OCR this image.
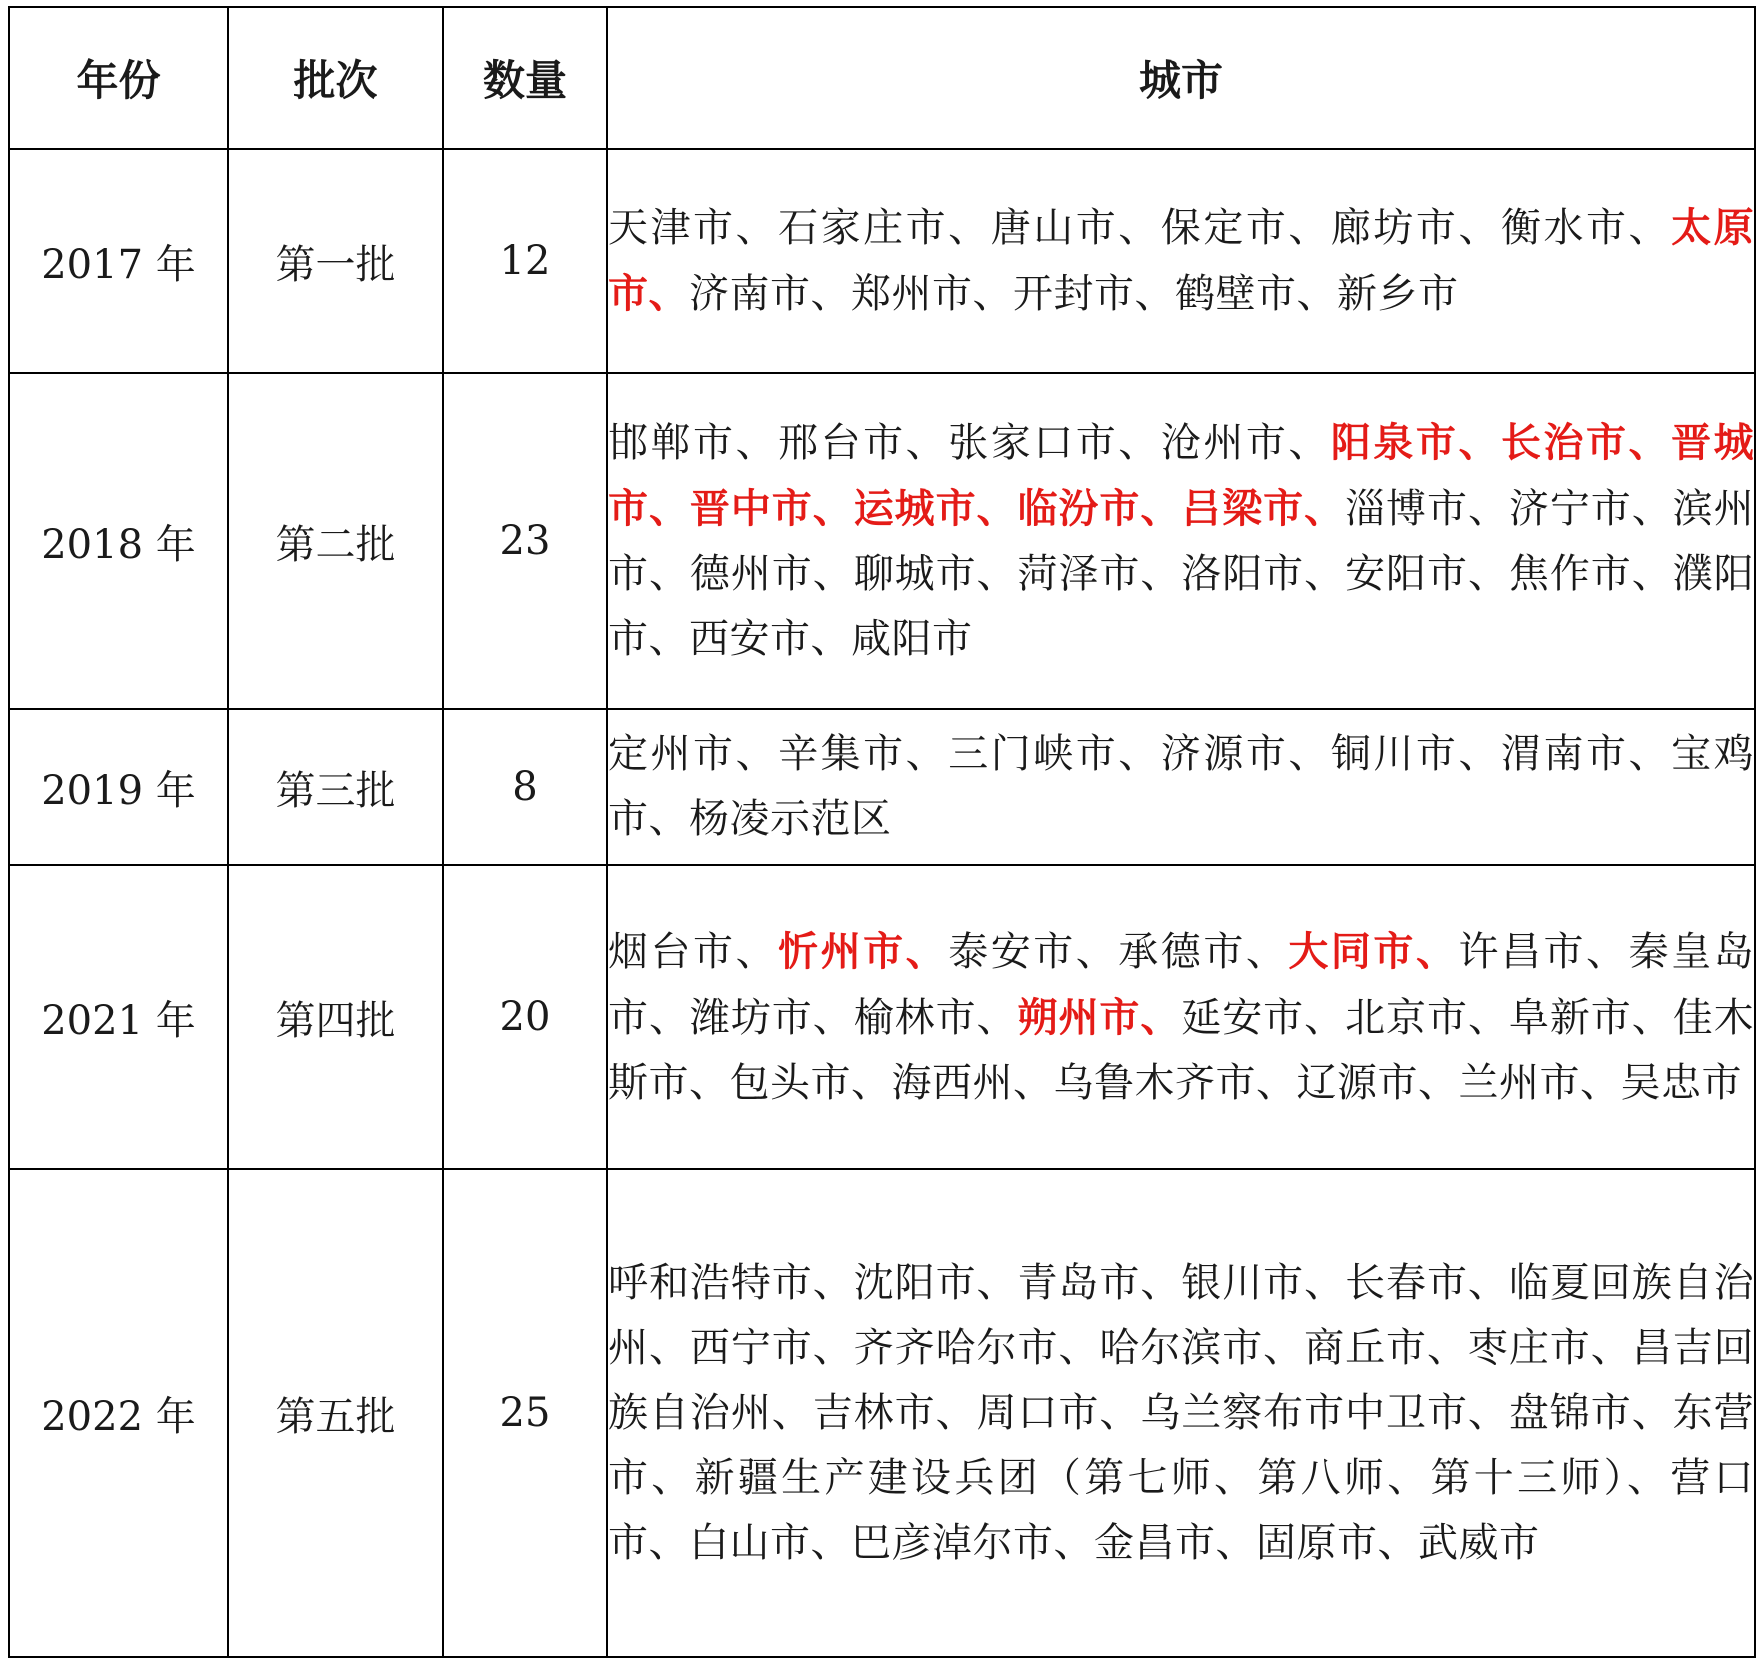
年份	批次	数量	城市
2017 年	第一批	12	天津市、石家庄市、唐山市、保定市、廊坊市、衡水市、太原市、济南市、郑州市、开封市、鹤壁市、新乡市
2018 年	第二批	23	邯郸市、邢台市、张家口市、沧州市、阳泉市、长治市、晋城市、晋中市、运城市、临汾市、吕梁市、淄博市、济宁市、滨州市、德州市、聊城市、菏泽市、洛阳市、安阳市、焦作市、濮阳市、西安市、咸阳市
2019 年	第三批	8	定州市、辛集市、三门峡市、济源市、铜川市、渭南市、宝鸡市、杨凌示范区
2021 年	第四批	20	烟台市、忻州市、泰安市、承德市、大同市、许昌市、秦皇岛市、潍坊市、榆林市、朔州市、延安市、北京市、阜新市、佳木斯市、包头市、海西州、乌鲁木齐市、辽源市、兰州市、吴忠市
2022 年	第五批	25	呼和浩特市、沈阳市、青岛市、银川市、长春市、临夏回族自治州、西宁市、齐齐哈尔市、哈尔滨市、商丘市、枣庄市、昌吉回族自治州、吉林市、周口市、乌兰察布市中卫市、盘锦市、东营市、新疆生产建设兵团（第七师、第八师、第十三师）、营口市、白山市、巴彦淖尔市、金昌市、固原市、武威市
